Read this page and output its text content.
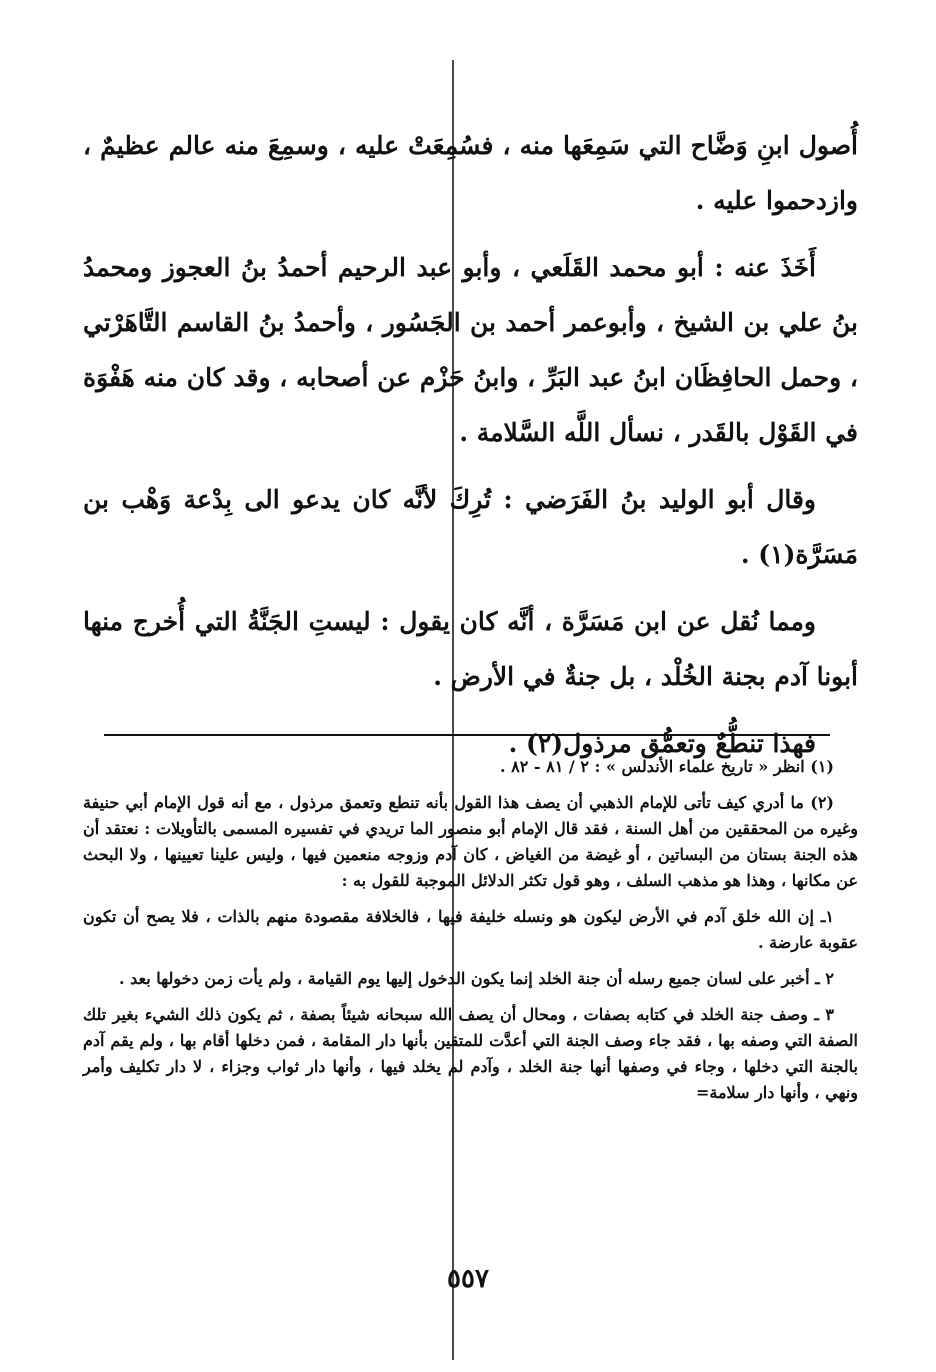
أُصول ابنِ وَضَّاح التي سَمِعَها منه ، فسُمِعَتْ عليه ، وسمِعَ منه عالم عظيمٌ ، وازدحموا عليه .

أَخَذَ عنه : أبو محمد القَلَعي ، وأبو عبد الرحيم أحمدُ بنُ العجوز ومحمدُ بنُ علي بن الشيخ ، وأبوعمر أحمد بن الجَسُور ، وأحمدُ بنُ القاسم التَّاهَرْتي ، وحمل الحافِظَان ابنُ عبد البَرِّ ، وابنُ حَزْم عن أصحابه ، وقد كان منه هَفْوَة في القَوْل بالقَدر ، نسأل اللَّه السَّلامة .

وقال أبو الوليد بنُ الفَرَضي : تُرِكَ لأنَّه كان يدعو الى بِدْعة وَهْب بن مَسَرَّة(١) .

ومما نُقل عن ابن مَسَرَّة ، أنَّه كان يقول : ليستِ الجَنَّةُ التي أُخرج منها أبونا آدم بجنة الخُلْد ، بل جنةٌ في الأرض .

فهذا تنطُّعٌ وتعمُّق مرذول(٢) .

(١) انظر « تاريخ علماء الأندلس » : ٢ / ٨١ - ٨٢ .

(٢) ما أدري كيف تأتى للإمام الذهبي أن يصف هذا القول بأنه تنطع وتعمق مرذول ، مع أنه قول الإمام أبي حنيفة وغيره من المحققين من أهل السنة ، فقد قال الإمام أبو منصور الما تريدي في تفسيره المسمى بالتأويلات : نعتقد أن هذه الجنة بستان من البساتين ، أو غيضة من الغياض ، كان آدم وزوجه منعمين فيها ، وليس علينا تعيينها ، ولا البحث عن مكانها ، وهذا هو مذهب السلف ، وهو قول تكثر الدلائل الموجبة للقول به :

١ـ إن الله خلق آدم في الأرض ليكون هو ونسله خليفة فيها ، فالخلافة مقصودة منهم بالذات ، فلا يصح أن تكون عقوبة عارضة .

٢ ـ أخبر على لسان جميع رسله أن جنة الخلد إنما يكون الدخول إليها يوم القيامة ، ولم يأت زمن دخولها بعد .

٣ ـ وصف جنة الخلد في كتابه بصفات ، ومحال أن يصف الله سبحانه شيئاً بصفة ، ثم يكون ذلك الشيء بغير تلك الصفة التي وصفه بها ، فقد جاء وصف الجنة التي أعدَّت للمتقين بأنها دار المقامة ، فمن دخلها أقام بها ، ولم يقم آدم بالجنة التي دخلها ، وجاء في وصفها أنها جنة الخلد ، وآدم لم يخلد فيها ، وأنها دار ثواب وجزاء ، لا دار تكليف وأمر ونهي ، وأنها دار سلامة=

٥٥٧
